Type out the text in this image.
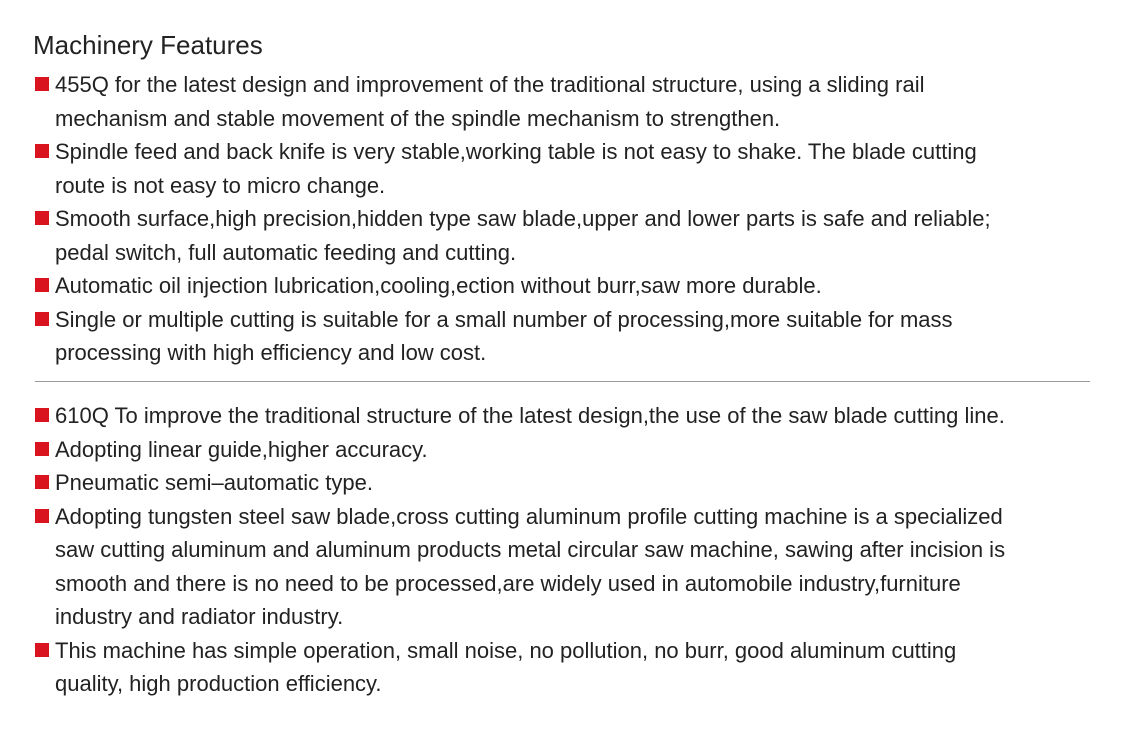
Machinery Features
455Q for the latest design and improvement of the traditional structure, using a sliding rail
mechanism and stable movement of the spindle mechanism to strengthen.
Spindle feed and back knife is very stable,working table is not easy to shake. The blade cutting
route is not easy to micro change.
Smooth surface,high precision,hidden type saw blade,upper and lower parts is safe and reliable;
pedal switch, full automatic feeding and cutting.
Automatic oil injection lubrication,cooling,ection without burr,saw more durable.
Single or multiple cutting is suitable for a small number of processing,more suitable for mass
processing with high efficiency and low cost.
610Q To improve the traditional structure of the latest design,the use of the saw blade cutting line.
Adopting linear guide,higher accuracy.
Pneumatic semi–automatic type.
Adopting tungsten steel saw blade,cross cutting aluminum profile cutting machine is a specialized
saw cutting aluminum and aluminum products metal circular saw machine, sawing after incision is
smooth and there is no need to be processed,are widely used in automobile industry,furniture
industry and radiator industry.
This machine has simple operation, small noise, no pollution, no burr, good aluminum cutting
quality, high production efficiency.
